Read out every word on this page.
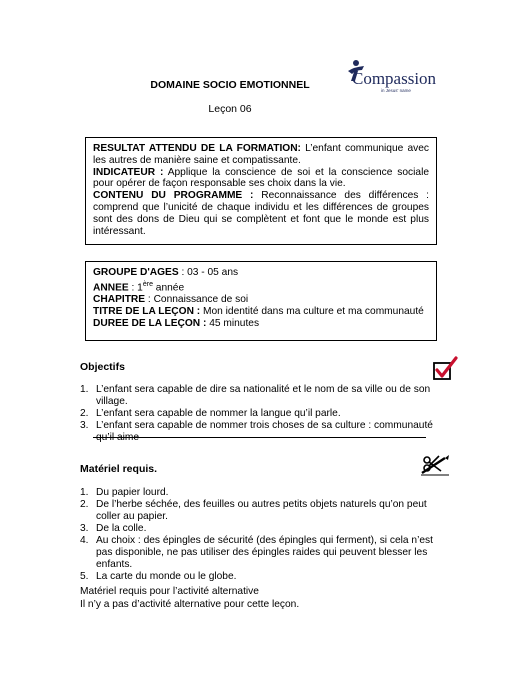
Compassion
in Jesus' name
DOMAINE SOCIO EMOTIONNEL
Leçon 06

RESULTAT ATTENDU DE LA FORMATION: L’enfant communique avec les autres de manière saine et compatissante.

INDICATEUR : Applique la conscience de soi et la conscience sociale pour opérer de façon responsable ses choix dans la vie.

CONTENU DU PROGRAMME : Reconnaissance des différences : comprend que l’unicité de chaque individu et les différences de groupes sont des dons de Dieu qui se complètent et font que le monde est plus intéressant.

GROUPE D'AGES : 03 - 05 ans

ANNEE : 1ère année

CHAPITRE : Connaissance de soi

TITRE DE LA LEÇON : Mon identité dans ma culture et ma communauté

DUREE DE LA LEÇON : 45 minutes

Objectifs
1. L’enfant sera capable de dire sa nationalité et le nom de sa ville ou de son village.
2. L’enfant sera capable de nommer la langue qu’il parle.
3. L’enfant sera capable de nommer trois choses de sa culture : communauté qu’il aime
Matériel requis.
1. Du papier lourd.
2. De l’herbe séchée, des feuilles ou autres petits objets naturels qu’on peut coller au papier.
3. De la colle.
4. Au choix : des épingles de sécurité (des épingles qui ferment), si cela n’est pas disponible, ne pas utiliser des épingles raides qui peuvent blesser les enfants.
5. La carte du monde ou le globe.
Matériel requis pour l’activité alternative
Il n’y a pas d’activité alternative pour cette leçon.
